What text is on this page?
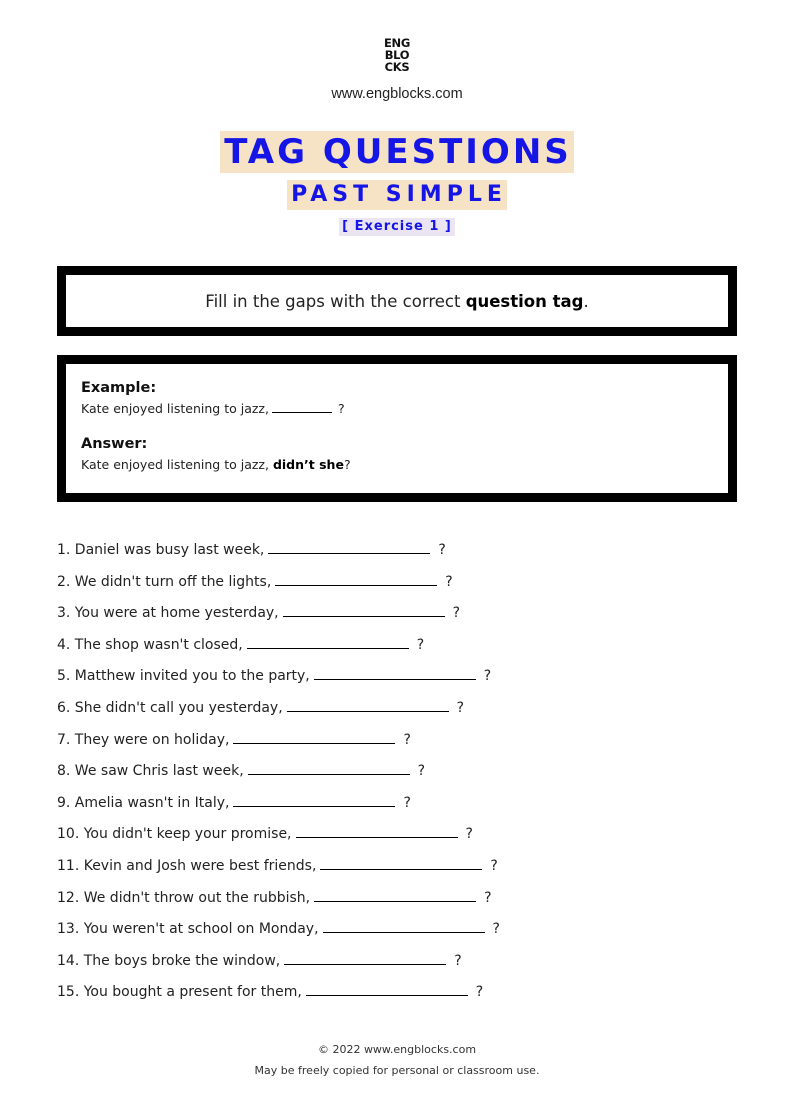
ENG
BLO
CKS
www.engblocks.com
TAG QUESTIONS
PAST SIMPLE
[ Exercise 1 ]
Fill in the gaps with the correct question tag.
Example:
Kate enjoyed listening to jazz,	?
Answer:
Kate enjoyed listening to jazz, didn’t she?
1. Daniel was busy last week,	?
2. We didn't turn off the lights,	?
3. You were at home yesterday,	?
4. The shop wasn't closed,	?
5. Matthew invited you to the party,	?
6. She didn't call you yesterday,	?
7. They were on holiday,	?
8. We saw Chris last week,	?
9. Amelia wasn't in Italy,	?
10. You didn't keep your promise,	?
11. Kevin and Josh were best friends,	?
12. We didn't throw out the rubbish,	?
13. You weren't at school on Monday,	?
14. The boys broke the window,	?
15. You bought a present for them,	?
© 2022 www.engblocks.com
May be freely copied for personal or classroom use.
